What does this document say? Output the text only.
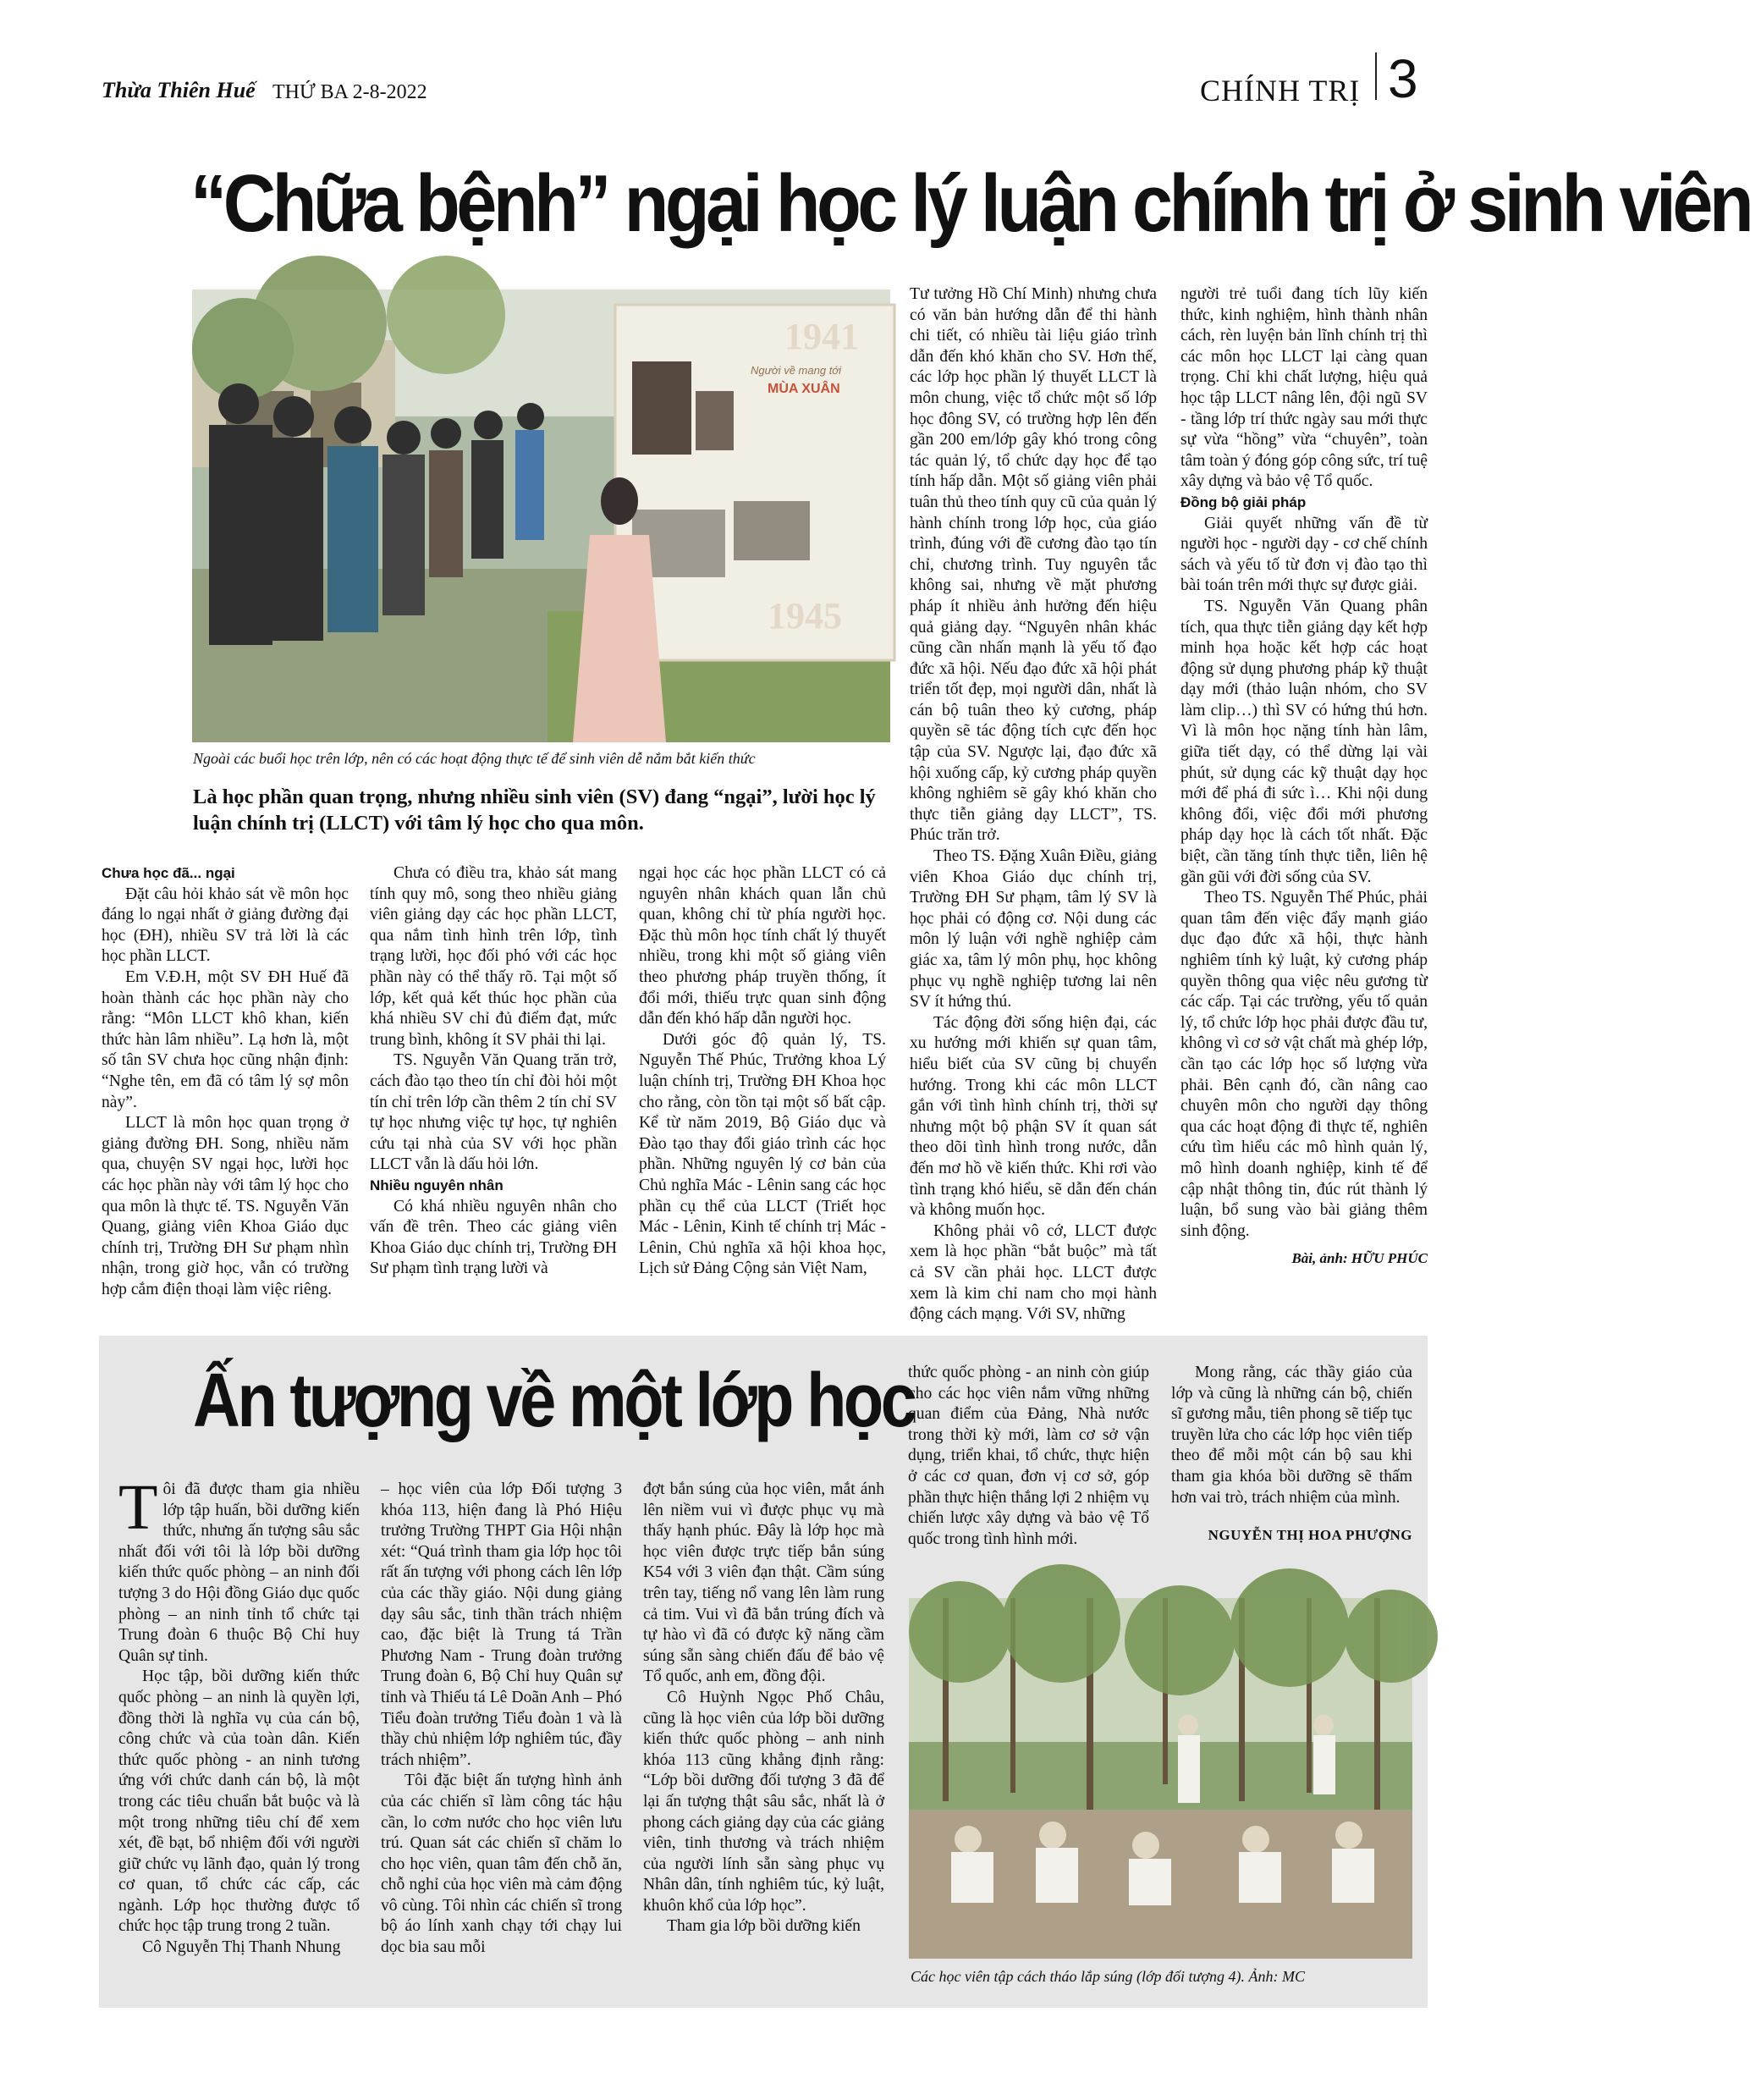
Thừa Thiên Huế THỨ BA 2-8-2022	CHÍNH TRỊ 3
“Chữa bệnh” ngại học lý luận chính trị ở sinh viên
1941
Người về mang tới
MÙA XUÂN
1945
Ngoài các buổi học trên lớp, nên có các hoạt động thực tế để sinh viên dễ nắm bắt kiến thức
Là học phần quan trọng, nhưng nhiều sinh viên (SV) đang “ngại”, lười học lý luận chính trị (LLCT) với tâm lý học cho qua môn.
Chưa học đã... ngại

Đặt câu hỏi khảo sát về môn học đáng lo ngại nhất ở giảng đường đại học (ĐH), nhiều SV trả lời là các học phần LLCT.

Em V.Đ.H, một SV ĐH Huế đã hoàn thành các học phần này cho rằng: “Môn LLCT khô khan, kiến thức hàn lâm nhiều”. Lạ hơn là, một số tân SV chưa học cũng nhận định: “Nghe tên, em đã có tâm lý sợ môn này”.

LLCT là môn học quan trọng ở giảng đường ĐH. Song, nhiều năm qua, chuyện SV ngại học, lười học các học phần này với tâm lý học cho qua môn là thực tế. TS. Nguyễn Văn Quang, giảng viên Khoa Giáo dục chính trị, Trường ĐH Sư phạm nhìn nhận, trong giờ học, vẫn có trường hợp cắm điện thoại làm việc riêng.

Chưa có điều tra, khảo sát mang tính quy mô, song theo nhiều giảng viên giảng dạy các học phần LLCT, qua nắm tình hình trên lớp, tình trạng lười, học đối phó với các học phần này có thể thấy rõ. Tại một số lớp, kết quả kết thúc học phần của khá nhiều SV chỉ đủ điểm đạt, mức trung bình, không ít SV phải thi lại.

TS. Nguyễn Văn Quang trăn trở, cách đào tạo theo tín chỉ đòi hỏi một tín chỉ trên lớp cần thêm 2 tín chỉ SV tự học nhưng việc tự học, tự nghiên cứu tại nhà của SV với học phần LLCT vẫn là dấu hỏi lớn.

Nhiều nguyên nhân

Có khá nhiều nguyên nhân cho vấn đề trên. Theo các giảng viên Khoa Giáo dục chính trị, Trường ĐH Sư phạm tình trạng lười và

ngại học các học phần LLCT có cả nguyên nhân khách quan lẫn chủ quan, không chỉ từ phía người học. Đặc thù môn học tính chất lý thuyết nhiều, trong khi một số giảng viên theo phương pháp truyền thống, ít đổi mới, thiếu trực quan sinh động dẫn đến khó hấp dẫn người học.

Dưới góc độ quản lý, TS. Nguyễn Thế Phúc, Trưởng khoa Lý luận chính trị, Trường ĐH Khoa học cho rằng, còn tồn tại một số bất cập. Kể từ năm 2019, Bộ Giáo dục và Đào tạo thay đổi giáo trình các học phần. Những nguyên lý cơ bản của Chủ nghĩa Mác - Lênin sang các học phần cụ thể của LLCT (Triết học Mác - Lênin, Kinh tế chính trị Mác - Lênin, Chủ nghĩa xã hội khoa học, Lịch sử Đảng Cộng sản Việt Nam,

Tư tưởng Hồ Chí Minh) nhưng chưa có văn bản hướng dẫn để thi hành chi tiết, có nhiều tài liệu giáo trình dẫn đến khó khăn cho SV. Hơn thế, các lớp học phần lý thuyết LLCT là môn chung, việc tổ chức một số lớp học đông SV, có trường hợp lên đến gần 200 em/lớp gây khó trong công tác quản lý, tổ chức dạy học để tạo tính hấp dẫn. Một số giảng viên phải tuân thủ theo tính quy cũ của quản lý hành chính trong lớp học, của giáo trình, đúng với đề cương đào tạo tín chỉ, chương trình. Tuy nguyên tắc không sai, nhưng về mặt phương pháp ít nhiều ảnh hưởng đến hiệu quả giảng dạy. “Nguyên nhân khác cũng cần nhấn mạnh là yếu tố đạo đức xã hội. Nếu đạo đức xã hội phát triển tốt đẹp, mọi người dân, nhất là cán bộ tuân theo kỷ cương, pháp quyền sẽ tác động tích cực đến học tập của SV. Ngược lại, đạo đức xã hội xuống cấp, kỷ cương pháp quyền không nghiêm sẽ gây khó khăn cho thực tiễn giảng dạy LLCT”, TS. Phúc trăn trở.

Theo TS. Đặng Xuân Điều, giảng viên Khoa Giáo dục chính trị, Trường ĐH Sư phạm, tâm lý SV là học phải có động cơ. Nội dung các môn lý luận với nghề nghiệp cảm giác xa, tâm lý môn phụ, học không phục vụ nghề nghiệp tương lai nên SV ít hứng thú.

Tác động đời sống hiện đại, các xu hướng mới khiến sự quan tâm, hiểu biết của SV cũng bị chuyển hướng. Trong khi các môn LLCT gắn với tình hình chính trị, thời sự nhưng một bộ phận SV ít quan sát theo dõi tình hình trong nước, dẫn đến mơ hồ về kiến thức. Khi rơi vào tình trạng khó hiểu, sẽ dẫn đến chán và không muốn học.

Không phải vô cớ, LLCT được xem là học phần “bắt buộc” mà tất cả SV cần phải học. LLCT được xem là kim chỉ nam cho mọi hành động cách mạng. Với SV, những

người trẻ tuổi đang tích lũy kiến thức, kinh nghiệm, hình thành nhân cách, rèn luyện bản lĩnh chính trị thì các môn học LLCT lại càng quan trọng. Chỉ khi chất lượng, hiệu quả học tập LLCT nâng lên, đội ngũ SV - tầng lớp trí thức ngày sau mới thực sự vừa “hồng” vừa “chuyên”, toàn tâm toàn ý đóng góp công sức, trí tuệ xây dựng và bảo vệ Tổ quốc.

Đồng bộ giải pháp

Giải quyết những vấn đề từ người học - người dạy - cơ chế chính sách và yếu tố từ đơn vị đào tạo thì bài toán trên mới thực sự được giải.

TS. Nguyễn Văn Quang phân tích, qua thực tiễn giảng dạy kết hợp minh họa hoặc kết hợp các hoạt động sử dụng phương pháp kỹ thuật dạy mới (thảo luận nhóm, cho SV làm clip…) thì SV có hứng thú hơn. Vì là môn học nặng tính hàn lâm, giữa tiết dạy, có thể dừng lại vài phút, sử dụng các kỹ thuật dạy học mới để phá đi sức ì… Khi nội dung không đổi, việc đổi mới phương pháp dạy học là cách tốt nhất. Đặc biệt, cần tăng tính thực tiễn, liên hệ gần gũi với đời sống của SV.

Theo TS. Nguyễn Thế Phúc, phải quan tâm đến việc đẩy mạnh giáo dục đạo đức xã hội, thực hành nghiêm tính kỷ luật, kỷ cương pháp quyền thông qua việc nêu gương từ các cấp. Tại các trường, yếu tố quản lý, tổ chức lớp học phải được đầu tư, không vì cơ sở vật chất mà ghép lớp, cần tạo các lớp học số lượng vừa phải. Bên cạnh đó, cần nâng cao chuyên môn cho người dạy thông qua các hoạt động đi thực tế, nghiên cứu tìm hiểu các mô hình quản lý, mô hình doanh nghiệp, kinh tế để cập nhật thông tin, đúc rút thành lý luận, bổ sung vào bài giảng thêm sinh động.

Bài, ảnh: HỮU PHÚC
Ấn tượng về một lớp học

Tôi đã được tham gia nhiều lớp tập huấn, bồi dưỡng kiến thức, nhưng ấn tượng sâu sắc nhất đối với tôi là lớp bồi dưỡng kiến thức quốc phòng – an ninh đối tượng 3 do Hội đồng Giáo dục quốc phòng – an ninh tỉnh tổ chức tại Trung đoàn 6 thuộc Bộ Chỉ huy Quân sự tỉnh.

Học tập, bồi dưỡng kiến thức quốc phòng – an ninh là quyền lợi, đồng thời là nghĩa vụ của cán bộ, công chức và của toàn dân. Kiến thức quốc phòng - an ninh tương ứng với chức danh cán bộ, là một trong các tiêu chuẩn bắt buộc và là một trong những tiêu chí để xem xét, đề bạt, bổ nhiệm đối với người giữ chức vụ lãnh đạo, quản lý trong cơ quan, tổ chức các cấp, các ngành. Lớp học thường được tổ chức học tập trung trong 2 tuần.

Cô Nguyễn Thị Thanh Nhung

– học viên của lớp Đối tượng 3 khóa 113, hiện đang là Phó Hiệu trưởng Trường THPT Gia Hội nhận xét: “Quá trình tham gia lớp học tôi rất ấn tượng với phong cách lên lớp của các thầy giáo. Nội dung giảng dạy sâu sắc, tinh thần trách nhiệm cao, đặc biệt là Trung tá Trần Phương Nam - Trung đoàn trưởng Trung đoàn 6, Bộ Chỉ huy Quân sự tỉnh và Thiếu tá Lê Doãn Anh – Phó Tiểu đoàn trưởng Tiểu đoàn 1 và là thầy chủ nhiệm lớp nghiêm túc, đầy trách nhiệm”.

Tôi đặc biệt ấn tượng hình ảnh của các chiến sĩ làm công tác hậu cần, lo cơm nước cho học viên lưu trú. Quan sát các chiến sĩ chăm lo cho học viên, quan tâm đến chỗ ăn, chỗ nghỉ của học viên mà cảm động vô cùng. Tôi nhìn các chiến sĩ trong bộ áo lính xanh chạy tới chạy lui dọc bia sau mỗi

đợt bắn súng của học viên, mắt ánh lên niềm vui vì được phục vụ mà thấy hạnh phúc. Đây là lớp học mà học viên được trực tiếp bắn súng K54 với 3 viên đạn thật. Cầm súng trên tay, tiếng nổ vang lên làm rung cả tim. Vui vì đã bắn trúng đích và tự hào vì đã có được kỹ năng cầm súng sẵn sàng chiến đấu để bảo vệ Tổ quốc, anh em, đồng đội.

Cô Huỳnh Ngọc Phố Châu, cũng là học viên của lớp bồi dưỡng kiến thức quốc phòng – anh ninh khóa 113 cũng khẳng định rằng: “Lớp bồi dưỡng đối tượng 3 đã để lại ấn tượng thật sâu sắc, nhất là ở phong cách giảng dạy của các giảng viên, tinh thương và trách nhiệm của người lính sẵn sàng phục vụ Nhân dân, tính nghiêm túc, kỷ luật, khuôn khổ của lớp học”.

Tham gia lớp bồi dưỡng kiến

thức quốc phòng - an ninh còn giúp cho các học viên nắm vững những quan điểm của Đảng, Nhà nước trong thời kỳ mới, làm cơ sở vận dụng, triển khai, tổ chức, thực hiện ở các cơ quan, đơn vị cơ sở, góp phần thực hiện thắng lợi 2 nhiệm vụ chiến lược xây dựng và bảo vệ Tổ quốc trong tình hình mới.

Mong rằng, các thầy giáo của lớp và cũng là những cán bộ, chiến sĩ gương mẫu, tiên phong sẽ tiếp tục truyền lửa cho các lớp học viên tiếp theo để mỗi một cán bộ sau khi tham gia khóa bồi dưỡng sẽ thấm hơn vai trò, trách nhiệm của mình.

NGUYỄN THỊ HOA PHƯỢNG
Các học viên tập cách tháo lắp súng (lớp đối tượng 4). Ảnh: MC
